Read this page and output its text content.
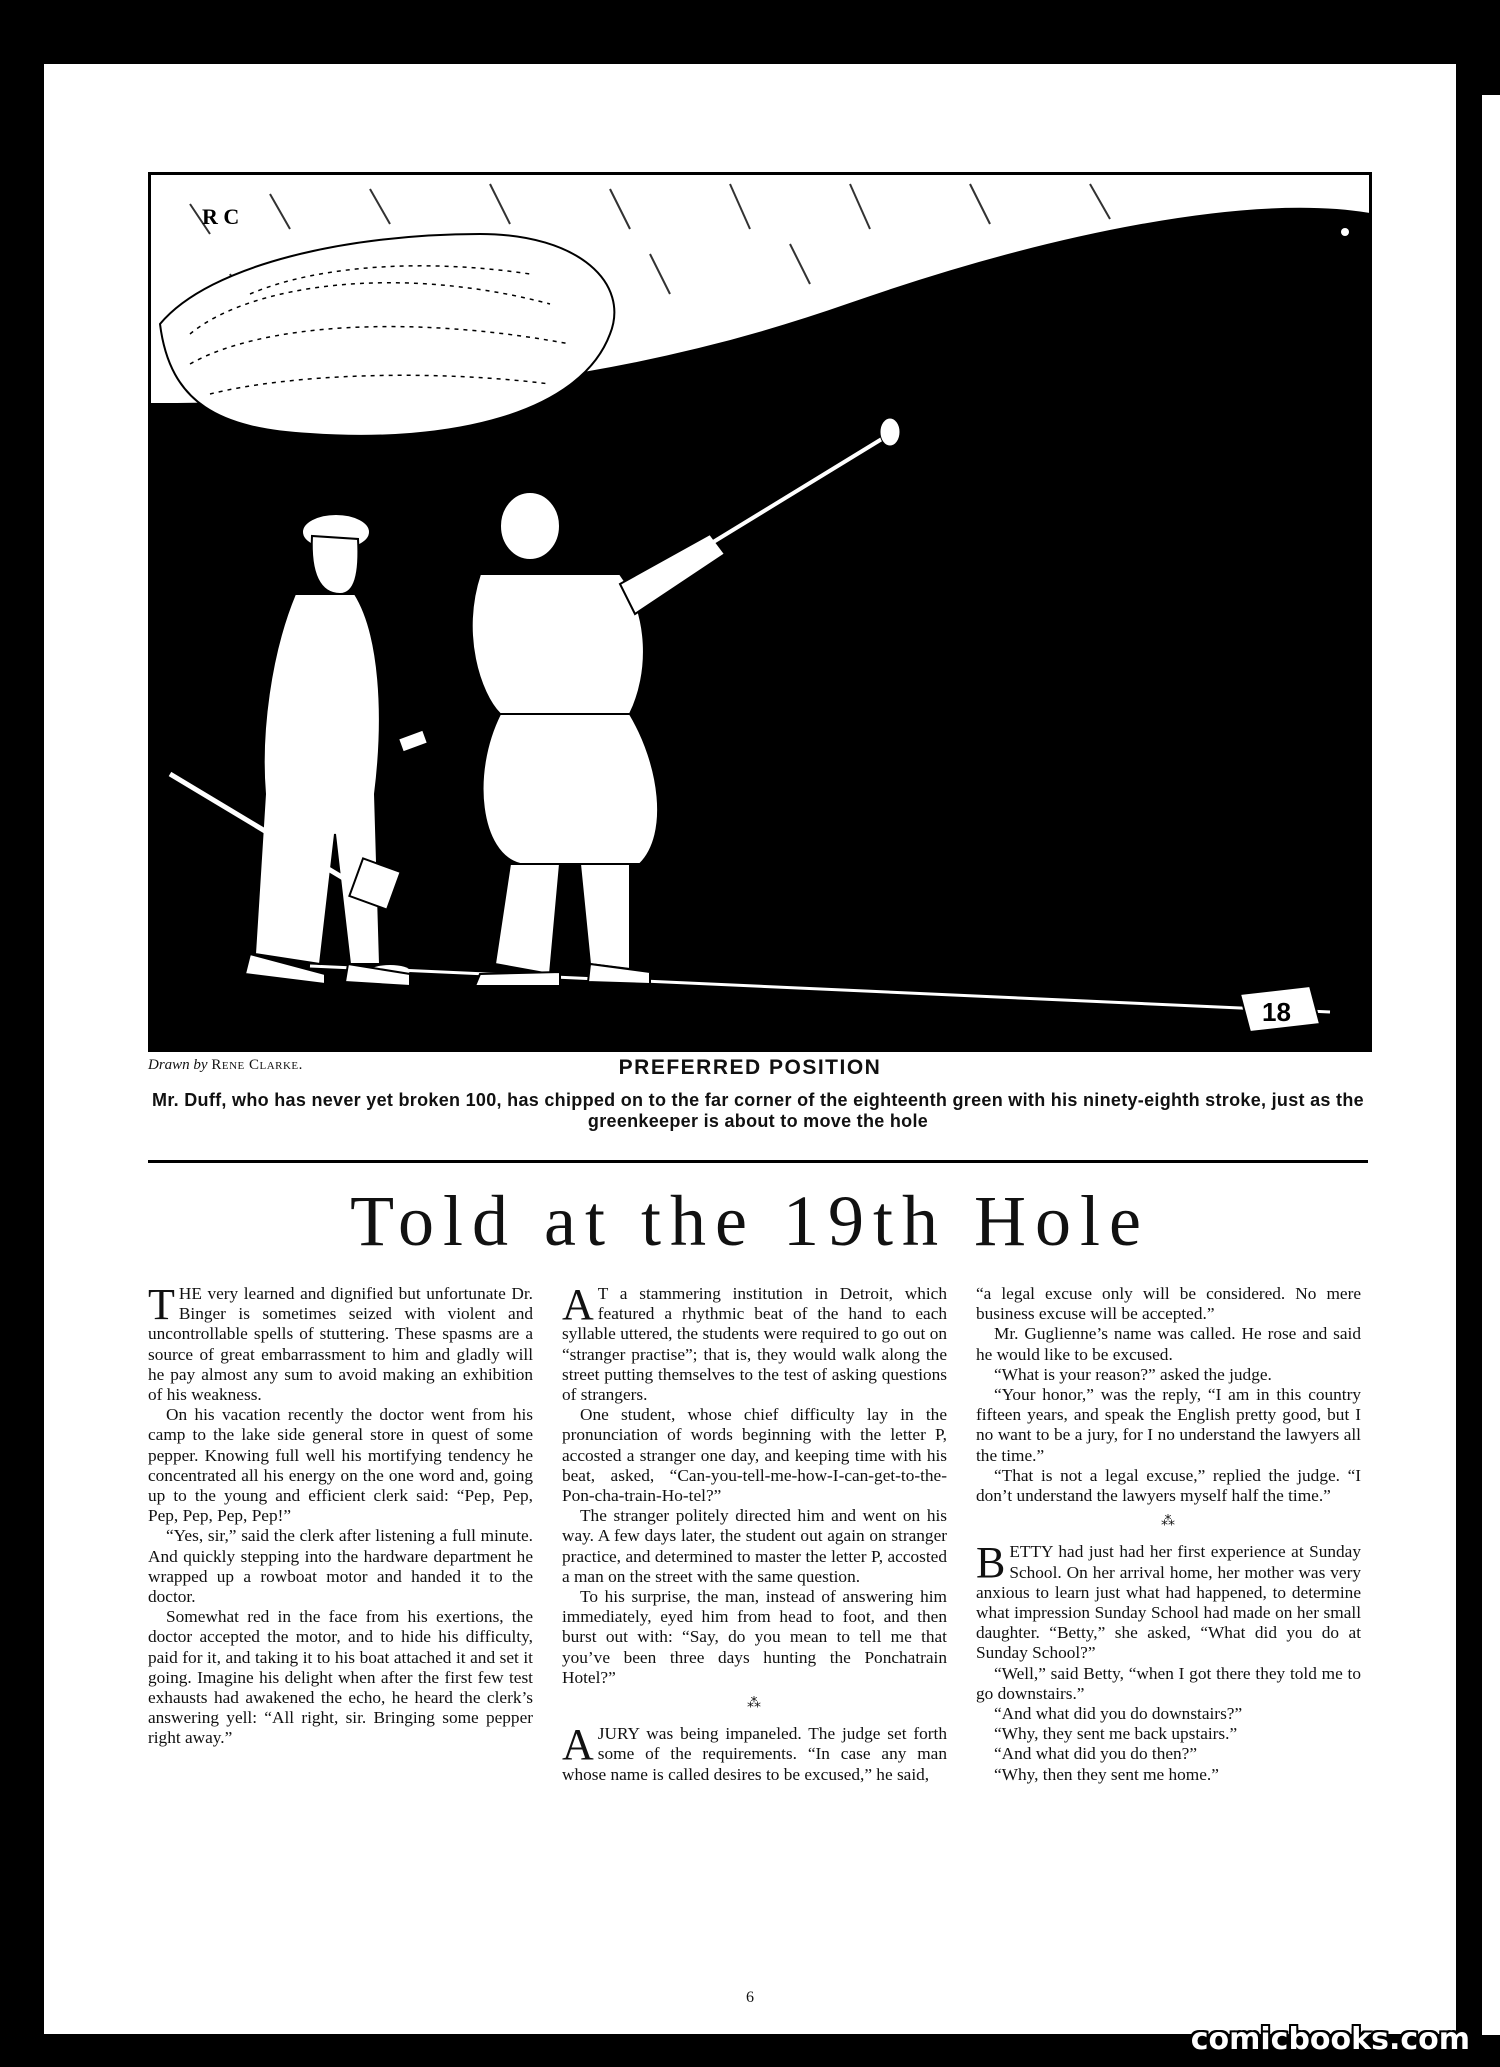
R C
18
Drawn by Rene Clarke.	PREFERRED POSITION
Mr. Duff, who has never yet broken 100, has chipped on to the far corner of the eighteenth green with his ninety-eighth stroke, just as the greenkeeper is about to move the hole
Told at the 19th Hole

THE very learned and dignified but unfortunate Dr. Binger is sometimes seized with violent and uncontrollable spells of stuttering. These spasms are a source of great embarrassment to him and gladly will he pay almost any sum to avoid making an exhibition of his weakness.

On his vacation recently the doctor went from his camp to the lake side general store in quest of some pepper. Knowing full well his mortifying tendency he concentrated all his energy on the one word and, going up to the young and efficient clerk said: “Pep, Pep, Pep, Pep, Pep, Pep!”

“Yes, sir,” said the clerk after listening a full minute. And quickly stepping into the hardware department he wrapped up a rowboat motor and handed it to the doctor.

Somewhat red in the face from his exertions, the doctor accepted the motor, and to hide his difficulty, paid for it, and taking it to his boat attached it and set it going. Imagine his delight when after the first few test exhausts had awakened the echo, he heard the clerk’s answering yell: “All right, sir. Bringing some pepper right away.”

A T a stammering institution in Detroit, which featured a rhythmic beat of the hand to each syllable uttered, the students were required to go out on “stranger practise”; that is, they would walk along the street putting themselves to the test of asking questions of strangers.

One student, whose chief difficulty lay in the pronunciation of words beginning with the letter P, accosted a stranger one day, and keeping time with his beat, asked, “Can-you-tell-me-how-I-can-get-to-the-Pon-cha-train-Ho-tel?”

The stranger politely directed him and went on his way. A few days later, the student out again on stranger practice, and determined to master the letter P, accosted a man on the street with the same question.

To his surprise, the man, instead of answering him immediately, eyed him from head to foot, and then burst out with: “Say, do you mean to tell me that you’ve been three days hunting the Ponchatrain Hotel?”

⁂

AJURY was being impaneled. The judge set forth some of the requirements. “In case any man whose name is called desires to be excused,” he said,

“a legal excuse only will be considered. No mere business excuse will be accepted.”

Mr. Guglienne’s name was called. He rose and said he would like to be excused.

“What is your reason?” asked the judge.

“Your honor,” was the reply, “I am in this country fifteen years, and speak the English pretty good, but I no want to be a jury, for I no understand the lawyers all the time.”

“That is not a legal excuse,” replied the judge. “I don’t understand the lawyers myself half the time.”

⁂

BETTY had just had her first experience at Sunday School. On her arrival home, her mother was very anxious to learn just what had happened, to determine what impression Sunday School had made on her small daughter. “Betty,” she asked, “What did you do at Sunday School?”

“Well,” said Betty, “when I got there they told me to go downstairs.”

“And what did you do downstairs?”

“Why, they sent me back upstairs.”

“And what did you do then?”

“Why, then they sent me home.”

6
comicbooks.com
